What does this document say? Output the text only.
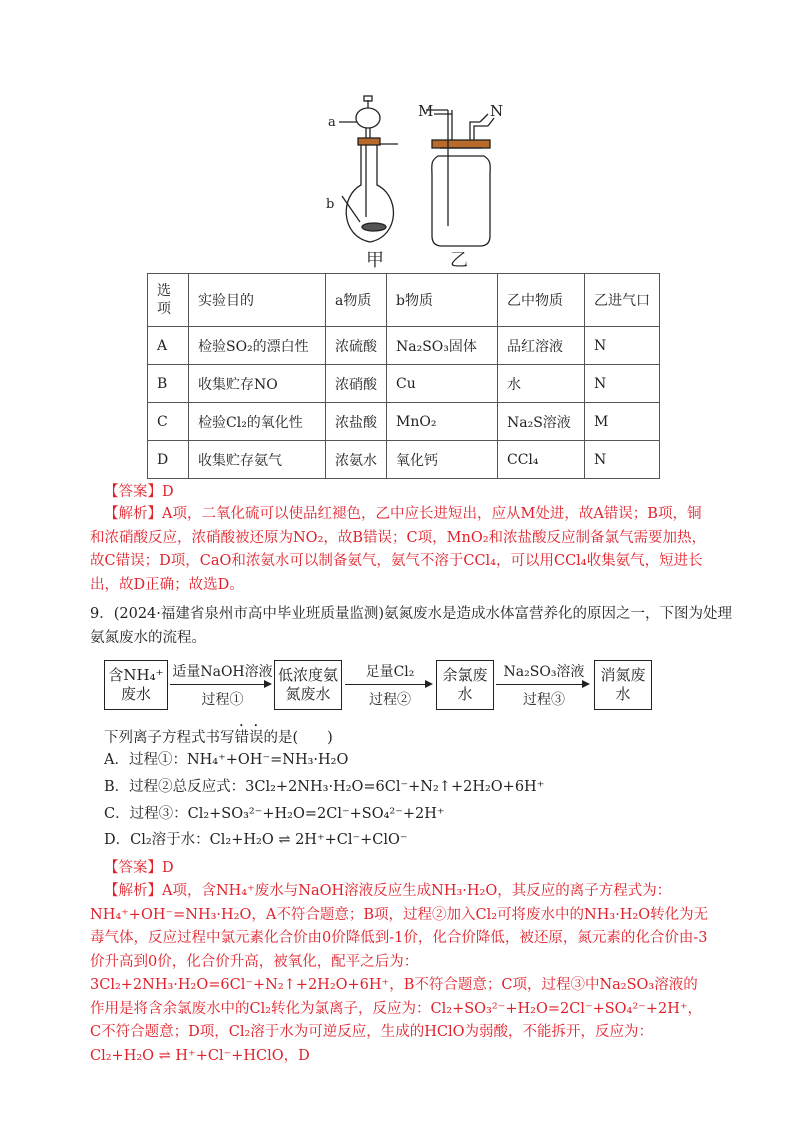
a
b
M	N
甲	乙
选项	实验目的	a物质	b物质	乙中物质	乙进气口
A	检验SO₂的漂白性	浓硫酸	Na₂SO₃固体	品红溶液	N
B	收集贮存NO	浓硝酸	Cu	水	N
C	检验Cl₂的氧化性	浓盐酸	MnO₂	Na₂S溶液	M
D	收集贮存氨气	浓氨水	氧化钙	CCl₄	N
【答案】D
【解析】A项，二氧化硫可以使品红褪色，乙中应长进短出，应从M处进，故A错误；B项，铜和浓硝酸反应，浓硝酸被还原为NO₂，故B错误；C项，MnO₂和浓盐酸反应制备氯气需要加热，故C错误；D项，CaO和浓氨水可以制备氨气，氨气不溶于CCl₄，可以用CCl₄收集氨气，短进长出，故D正确；故选D。
9．(2024·福建省泉州市高中毕业班质量监测)氨氮废水是造成水体富营养化的原因之一，下图为处理
氨氮废水的流程。
含NH₄⁺废水
适量NaOH溶液
过程①
低浓度氨氮废水
足量Cl₂
过程②
余氯废水
Na₂SO₃溶液
过程③
消氮废水
下列离子方程式书写错误的是(　　)
A．过程①：NH₄⁺+OH⁻=NH₃·H₂O
B．过程②总反应式：3Cl₂+2NH₃·H₂O=6Cl⁻+N₂↑+2H₂O+6H⁺
C．过程③：Cl₂+SO₃²⁻+H₂O=2Cl⁻+SO₄²⁻+2H⁺
D．Cl₂溶于水：Cl₂+H₂O ⇌ 2H⁺+Cl⁻+ClO⁻
【答案】D
【解析】A项，含NH₄⁺废水与NaOH溶液反应生成NH₃·H₂O，其反应的离子方程式为：NH₄⁺+OH⁻=NH₃·H₂O，A不符合题意；B项，过程②加入Cl₂可将废水中的NH₃·H₂O转化为无毒气体，反应过程中氯元素化合价由0价降低到-1价，化合价降低，被还原，氮元素的化合价由-3价升高到0价，化合价升高，被氧化，配平之后为：3Cl₂+2NH₃·H₂O=6Cl⁻+N₂↑+2H₂O+6H⁺，B不符合题意；C项，过程③中Na₂SO₃溶液的作用是将含余氯废水中的Cl₂转化为氯离子，反应为：Cl₂+SO₃²⁻+H₂O=2Cl⁻+SO₄²⁻+2H⁺，C不符合题意；D项，Cl₂溶于水为可逆反应，生成的HClO为弱酸，不能拆开，反应为：Cl₂+H₂O ⇌ H⁺+Cl⁻+HClO，D
